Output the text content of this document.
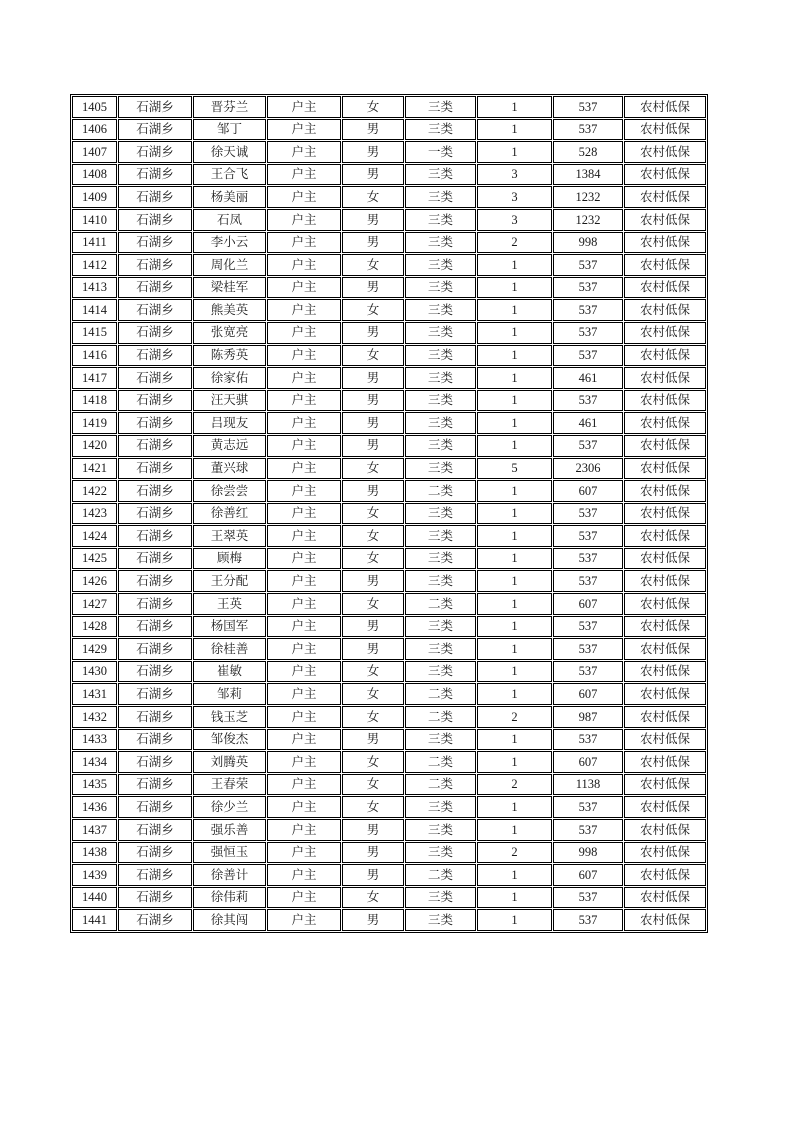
1405	石湖乡	晋芬兰	户主	女	三类	1	537	农村低保
1406	石湖乡	邹丁	户主	男	三类	1	537	农村低保
1407	石湖乡	徐天诚	户主	男	一类	1	528	农村低保
1408	石湖乡	王合飞	户主	男	三类	3	1384	农村低保
1409	石湖乡	杨美丽	户主	女	三类	3	1232	农村低保
1410	石湖乡	石凤	户主	男	三类	3	1232	农村低保
1411	石湖乡	李小云	户主	男	三类	2	998	农村低保
1412	石湖乡	周化兰	户主	女	三类	1	537	农村低保
1413	石湖乡	梁桂军	户主	男	三类	1	537	农村低保
1414	石湖乡	熊美英	户主	女	三类	1	537	农村低保
1415	石湖乡	张宽亮	户主	男	三类	1	537	农村低保
1416	石湖乡	陈秀英	户主	女	三类	1	537	农村低保
1417	石湖乡	徐家佑	户主	男	三类	1	461	农村低保
1418	石湖乡	汪天骐	户主	男	三类	1	537	农村低保
1419	石湖乡	吕现友	户主	男	三类	1	461	农村低保
1420	石湖乡	黄志远	户主	男	三类	1	537	农村低保
1421	石湖乡	董兴球	户主	女	三类	5	2306	农村低保
1422	石湖乡	徐尝尝	户主	男	二类	1	607	农村低保
1423	石湖乡	徐善红	户主	女	三类	1	537	农村低保
1424	石湖乡	王翠英	户主	女	三类	1	537	农村低保
1425	石湖乡	顾梅	户主	女	三类	1	537	农村低保
1426	石湖乡	王分配	户主	男	三类	1	537	农村低保
1427	石湖乡	王英	户主	女	二类	1	607	农村低保
1428	石湖乡	杨国军	户主	男	三类	1	537	农村低保
1429	石湖乡	徐桂善	户主	男	三类	1	537	农村低保
1430	石湖乡	崔敏	户主	女	三类	1	537	农村低保
1431	石湖乡	邹莉	户主	女	二类	1	607	农村低保
1432	石湖乡	钱玉芝	户主	女	二类	2	987	农村低保
1433	石湖乡	邹俊杰	户主	男	三类	1	537	农村低保
1434	石湖乡	刘腾英	户主	女	二类	1	607	农村低保
1435	石湖乡	王春荣	户主	女	二类	2	1138	农村低保
1436	石湖乡	徐少兰	户主	女	三类	1	537	农村低保
1437	石湖乡	强乐善	户主	男	三类	1	537	农村低保
1438	石湖乡	强恒玉	户主	男	三类	2	998	农村低保
1439	石湖乡	徐善计	户主	男	二类	1	607	农村低保
1440	石湖乡	徐伟莉	户主	女	三类	1	537	农村低保
1441	石湖乡	徐其闯	户主	男	三类	1	537	农村低保
